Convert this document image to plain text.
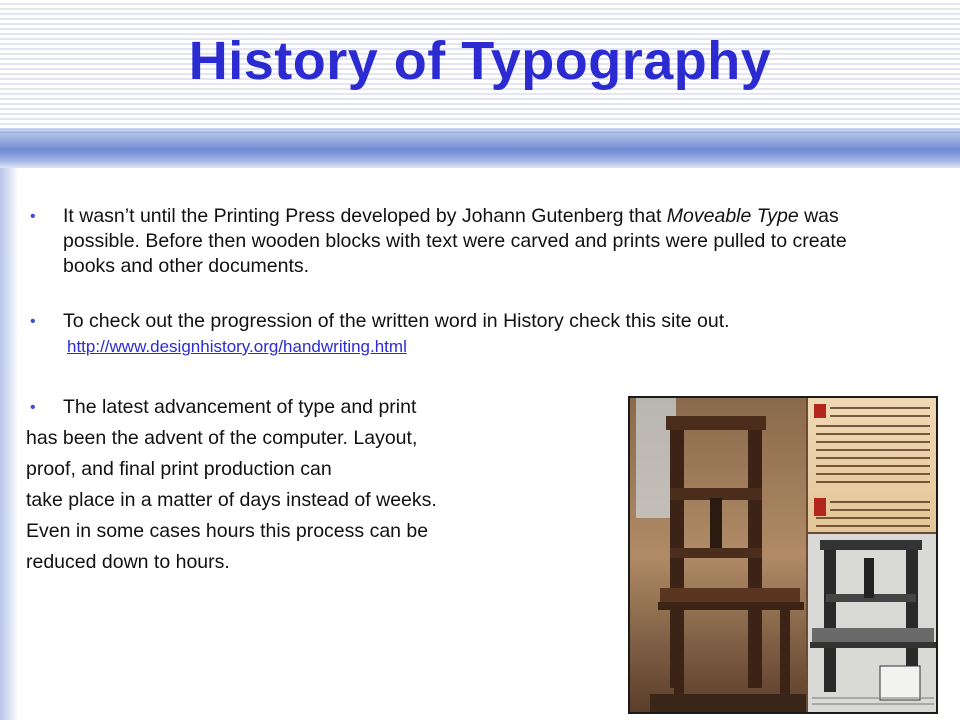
History of Typography
• It wasn’t until the Printing Press developed by Johann Gutenberg that Moveable Type was possible. Before then wooden blocks with text were carved and prints were pulled to create books and other documents.
• To check out the progression of the written word in History check this site out. http://www.designhistory.org/handwriting.html
• The latest advancement of type and print
has been the advent of the computer. Layout,
proof, and final print production can
take place in a matter of days instead of weeks.
Even in some cases hours this process can be
reduced down to hours.
